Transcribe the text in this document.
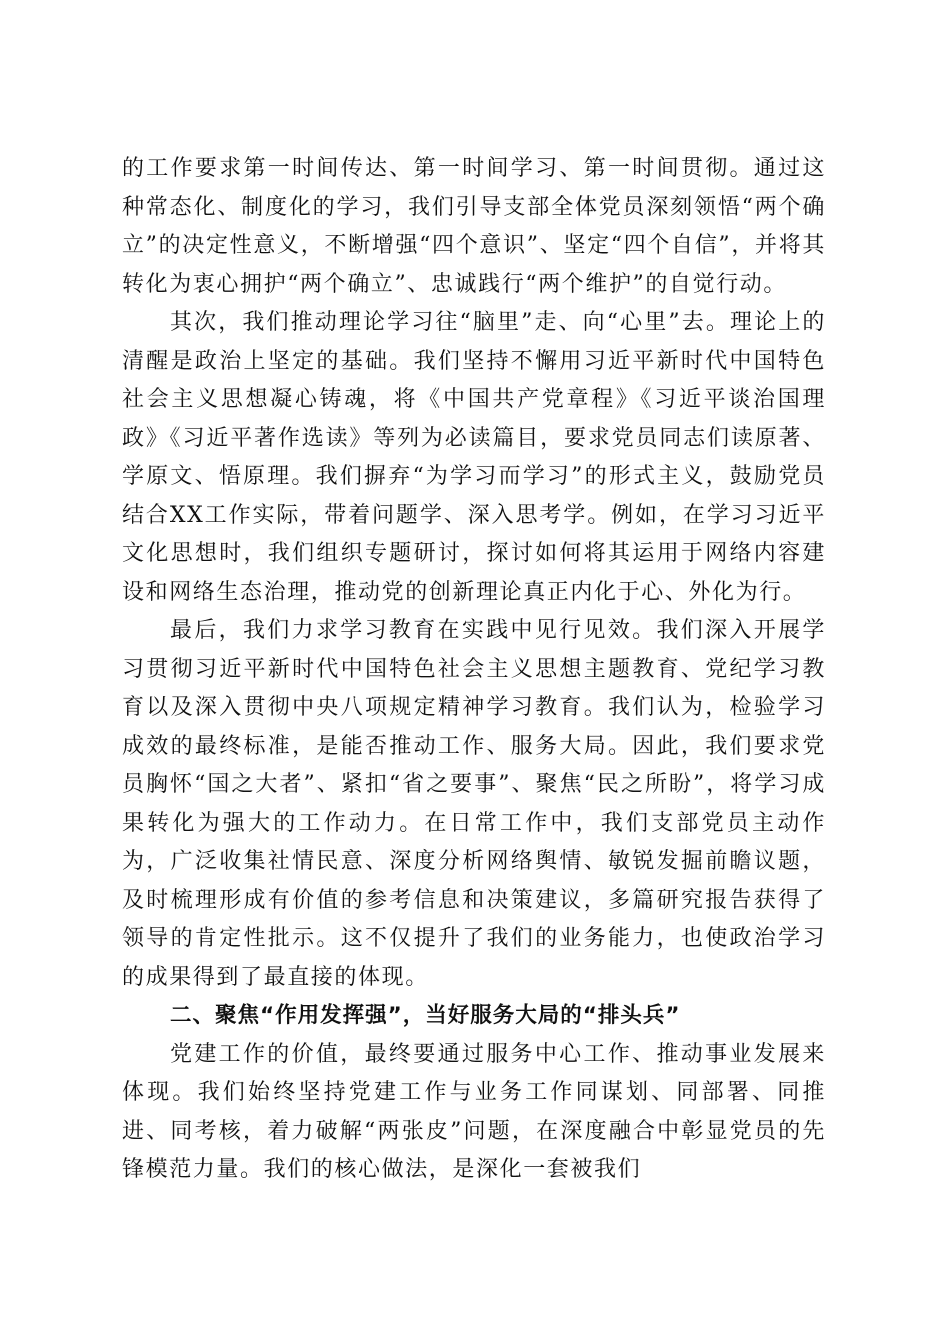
的工作要求第一时间传达、第一时间学习、第一时间贯彻。通过这种常态化、制度化的学习，我们引导支部全体党员深刻领悟“两个确立”的决定性意义，不断增强“四个意识”、坚定“四个自信”，并将其转化为衷心拥护“两个确立”、忠诚践行“两个维护”的自觉行动。

其次，我们推动理论学习往“脑里”走、向“心里”去。理论上的清醒是政治上坚定的基础。我们坚持不懈用习近平新时代中国特色社会主义思想凝心铸魂，将《中国共产党章程》《习近平谈治国理政》《习近平著作选读》等列为必读篇目，要求党员同志们读原著、学原文、悟原理。我们摒弃“为学习而学习”的形式主义，鼓励党员结合XX工作实际，带着问题学、深入思考学。例如，在学习习近平文化思想时，我们组织专题研讨，探讨如何将其运用于网络内容建设和网络生态治理，推动党的创新理论真正内化于心、外化为行。

最后，我们力求学习教育在实践中见行见效。我们深入开展学习贯彻习近平新时代中国特色社会主义思想主题教育、党纪学习教育以及深入贯彻中央八项规定精神学习教育。我们认为，检验学习成效的最终标准，是能否推动工作、服务大局。因此，我们要求党员胸怀“国之大者”、紧扣“省之要事”、聚焦“民之所盼”，将学习成果转化为强大的工作动力。在日常工作中，我们支部党员主动作为，广泛收集社情民意、深度分析网络舆情、敏锐发掘前瞻议题，及时梳理形成有价值的参考信息和决策建议，多篇研究报告获得了领导的肯定性批示。这不仅提升了我们的业务能力，也使政治学习的成果得到了最直接的体现。

二、聚焦“作用发挥强”，当好服务大局的“排头兵”

党建工作的价值，最终要通过服务中心工作、推动事业发展来体现。我们始终坚持党建工作与业务工作同谋划、同部署、同推进、同考核，着力破解“两张皮”问题，在深度融合中彰显党员的先锋模范力量。我们的核心做法，是深化一套被我们
